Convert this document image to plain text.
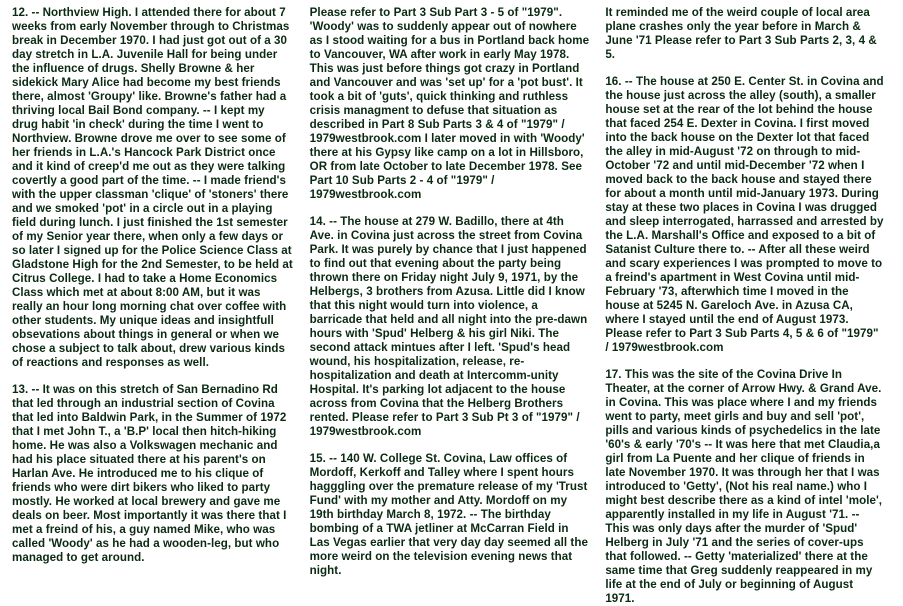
12. -- Northview High. I attended there for about 7 weeks from early November through to Christmas break in December 1970. I had just got out of a 30 day stretch in L.A. Juvenile Hall for being under the influence of drugs. Shelly Browne & her sidekick Mary Alice had become my best friends there, almost 'Groupy' like. Browne's father had a thriving local Bail Bond company. -- I kept my drug habit 'in check' during the time I went to Northview. Browne drove me over to see some of her friends in L.A.'s Hancock Park District once and it kind of creep'd me out as they were talking covertly a good part of the time. -- I made friend's with the upper classman 'clique' of 'stoners' there and we smoked 'pot' in a circle out in a playing field during lunch. I just finished the 1st semester of my Senior year there, when only a few days or so later I signed up for the Police Science Class at Gladstone High for the 2nd Semester, to be held at Citrus College. I had to take a Home Economics Class which met at about 8:00 AM, but it was really an hour long morning chat over coffee with other students. My unique ideas and insightfull obsevations about things in general or when we chose a subject to talk about, drew various kinds of reactions and responses as well.

13. -- It was on this stretch of San Bernadino Rd that led through an industrial section of Covina that led into Baldwin Park, in the Summer of 1972 that I met John T., a 'B.P' local then hitch-hiking home. He was also a Volkswagen mechanic and had his place situated there at his parent's on Harlan Ave. He introduced me to his clique of friends who were dirt bikers who liked to party mostly. He worked at local brewery and gave me deals on beer. Most importantly it was there that I met a freind of his, a guy named Mike, who was called 'Woody' as he had a wooden-leg, but who managed to get around.

Please refer to Part 3 Sub Part 3 - 5 of "1979". 'Woody' was to suddenly appear out of nowhere as I stood waiting for a bus in Portland back home to Vancouver, WA after work in early May 1978. This was just before things got crazy in Portland and Vancouver and was 'set up' for a 'pot bust'. It took a bit of 'guts', quick thinking and ruthless crisis managment to defuse that situation as described in Part 8 Sub Parts 3 & 4 of "1979" / 1979westbrook.com I later moved in with 'Woody' there at his Gypsy like camp on a lot in Hillsboro, OR from late October to late December 1978. See Part 10 Sub Parts 2 - 4 of "1979" / 1979westbrook.com

14. -- The house at 279 W. Badillo, there at 4th Ave. in Covina just across the street from Covina Park. It was purely by chance that I just happened to find out that evening about the party being thrown there on Friday night July 9, 1971, by the Helbergs, 3 brothers from Azusa. Little did I know that this night would turn into violence, a barricade that held and all night into the pre-dawn hours with 'Spud' Helberg & his girl Niki. The second attack mintues after I left. 'Spud's head wound, his hospitalization, release, re-hospitalization and death at Intercomm-unity Hospital. It's parking lot adjacent to the house across from Covina that the Helberg Brothers rented. Please refer to Part 3 Sub Pt 3 of "1979" / 1979westbrook.com

15. -- 140 W. College St. Covina, Law offices of Mordoff, Kerkoff and Talley where I spent hours hagggling over the premature release of my 'Trust Fund' with my mother and Atty. Mordoff on my 19th birthday March 8, 1972. -- The birthday bombing of a TWA jetliner at McCarran Field in Las Vegas earlier that very day day seemed all the more weird on the television evening news that night.

It reminded me of the weird couple of local area plane crashes only the year before in March & June '71 Please refer to Part 3 Sub Parts 2, 3, 4 & 5.

16. -- The house at 250 E. Center St. in Covina and the house just across the alley (south), a smaller house set at the rear of the lot behind the house that faced 254 E. Dexter in Covina. I first moved into the back house on the Dexter lot that faced the alley in mid-August '72 on through to mid-October '72 and until mid-December '72 when I moved back to the back house and stayed there for about a month until mid-January 1973. During stay at these two places in Covina I was drugged and sleep interrogated, harrassed and arrested by the L.A. Marshall's Office and exposed to a bit of Satanist Culture there to. -- After all these weird and scary experiences I was prompted to move to a freind's apartment in West Covina until mid-February '73, afterwhich time I moved in the house at 5245 N. Gareloch Ave. in Azusa CA, where I stayed until the end of August 1973. Please refer to Part 3 Sub Parts 4, 5 & 6 of "1979" / 1979westbrook.com

17. This was the site of the Covina Drive In Theater, at the corner of Arrow Hwy. & Grand Ave. in Covina. This was place where I and my friends went to party, meet girls and buy and sell 'pot', pills and various kinds of psychedelics in the late '60's & early '70's -- It was here that met Claudia,a girl from La Puente and her clique of friends in late November 1970. It was through her that I was introduced to 'Getty', (Not his real name.) who I might best describe there as a kind of intel 'mole', apparently installed in my life in August '71. -- This was only days after the murder of 'Spud' Helberg in July '71 and the series of cover-ups that followed. -- Getty 'materialized' there at the same time that Greg suddenly reappeared in my life at the end of July or beginning of August 1971.
